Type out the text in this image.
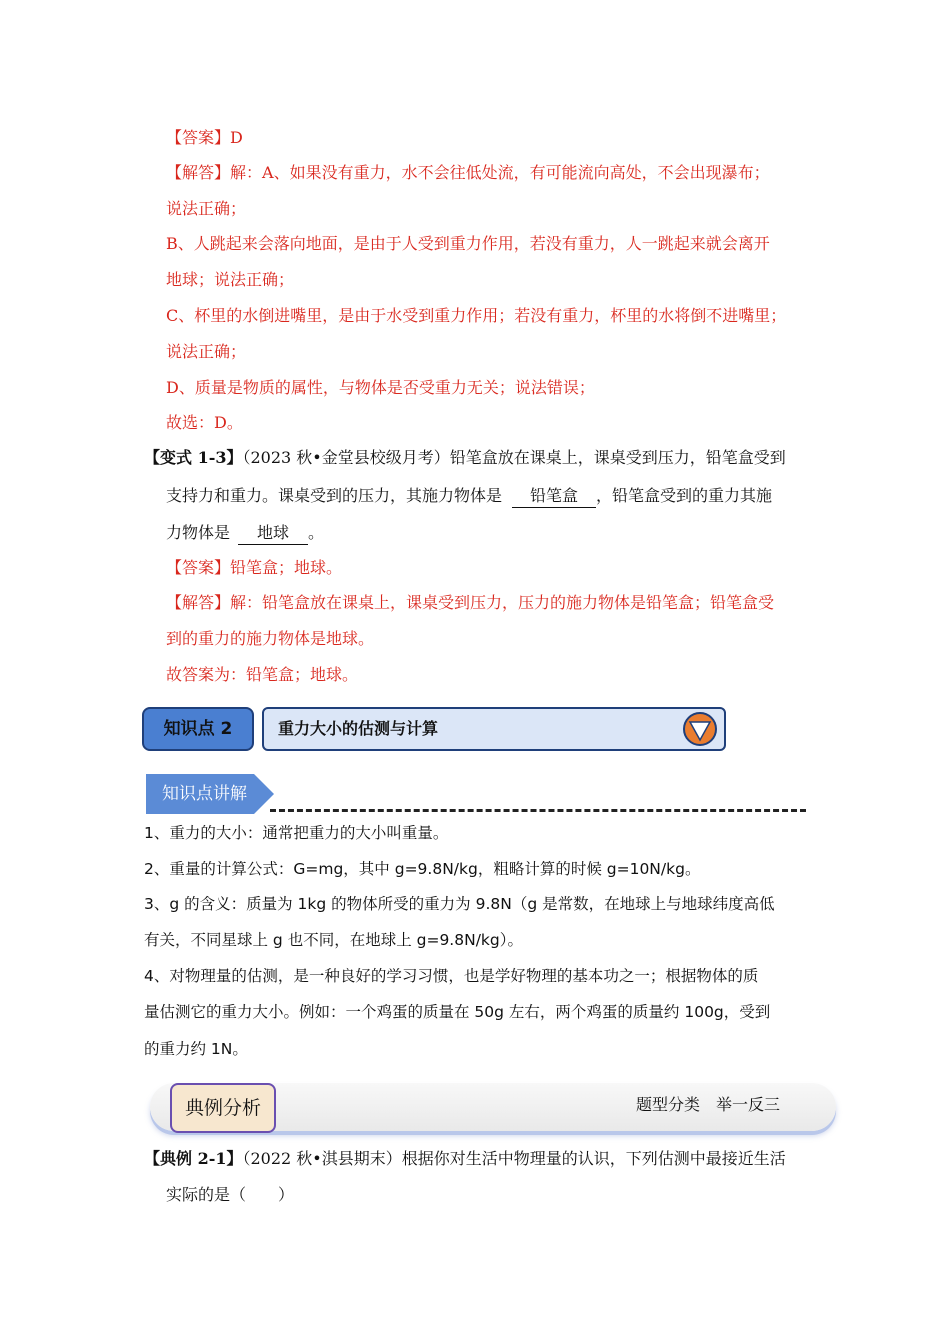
【答案】D
【解答】解：A、如果没有重力，水不会往低处流，有可能流向高处，不会出现瀑布；
说法正确；
B、人跳起来会落向地面，是由于人受到重力作用，若没有重力，人一跳起来就会离开
地球；说法正确；
C、杯里的水倒进嘴里，是由于水受到重力作用；若没有重力，杯里的水将倒不进嘴里；
说法正确；
D、质量是物质的属性，与物体是否受重力无关；说法错误；
故选：D。
【变式 1-3】（2023 秋•金堂县校级月考）铅笔盒放在课桌上，课桌受到压力，铅笔盒受到
支持力和重力。课桌受到的压力，其施力物体是 铅笔盒 ，铅笔盒受到的重力其施
力物体是 地球 。
【答案】铅笔盒；地球。
【解答】解：铅笔盒放在课桌上，课桌受到压力，压力的施力物体是铅笔盒；铅笔盒受
到的重力的施力物体是地球。
故答案为：铅笔盒；地球。
知识点 2	重力大小的估测与计算
知识点讲解
1、重力的大小：通常把重力的大小叫重量。
2、重量的计算公式：G=mg，其中 g=9.8N/kg，粗略计算的时候 g=10N/kg。
3、g 的含义：质量为 1kg 的物体所受的重力为 9.8N（g 是常数，在地球上与地球纬度高低
有关，不同星球上 g 也不同，在地球上 g=9.8N/kg）。
4、对物理量的估测，是一种良好的学习习惯，也是学好物理的基本功之一；根据物体的质
量估测它的重力大小。例如：一个鸡蛋的质量在 50g 左右，两个鸡蛋的质量约 100g，受到
的重力约 1N。
典例分析	题型分类　举一反三
【典例 2-1】（2022 秋•淇县期末）根据你对生活中物理量的认识，下列估测中最接近生活
实际的是（　　）
